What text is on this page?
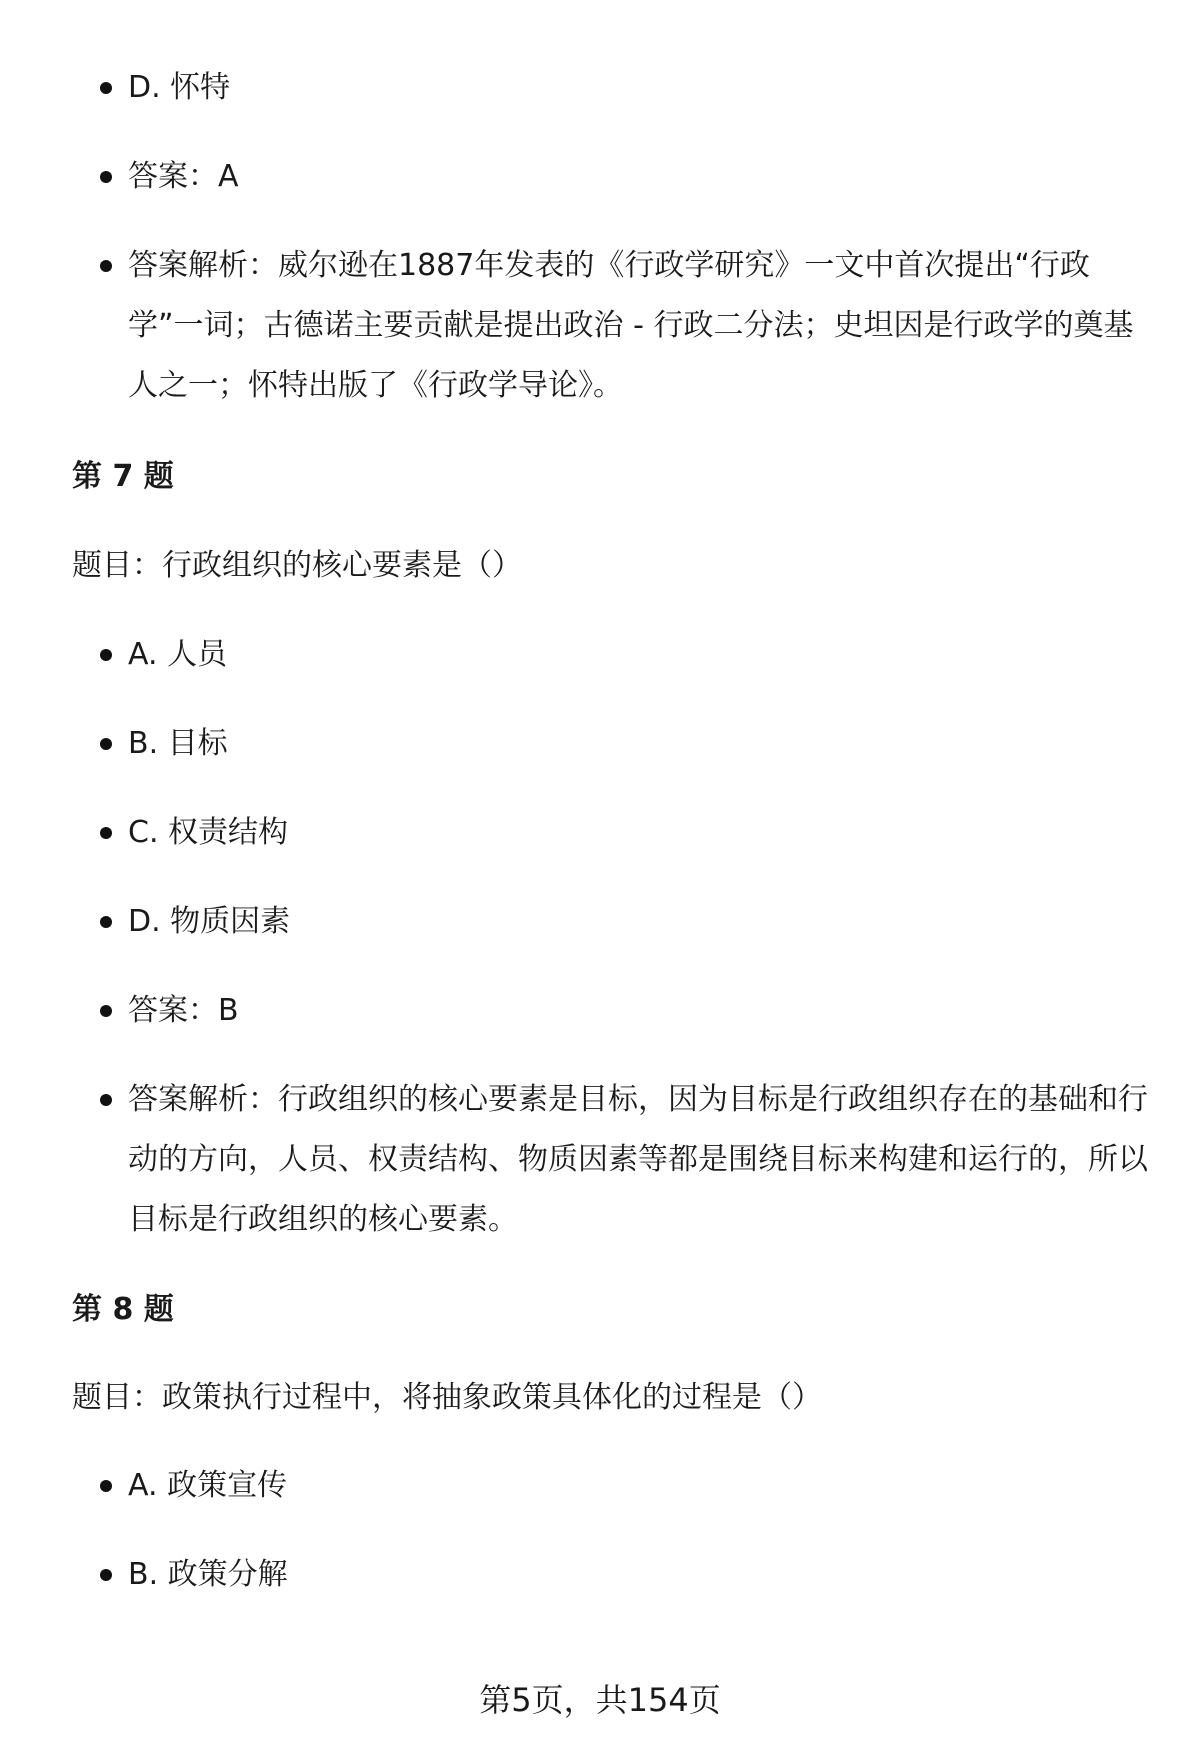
D. 怀特
答案：A
答案解析：威尔逊在1887年发表的《行政学研究》一文中首次提出“行政学”一词；古德诺主要贡献是提出政治 - 行政二分法；史坦因是行政学的奠基人之一；怀特出版了《行政学导论》。
第 7 题
题目：行政组织的核心要素是（）
A. 人员
B. 目标
C. 权责结构
D. 物质因素
答案：B
答案解析：行政组织的核心要素是目标，因为目标是行政组织存在的基础和行动的方向，人员、权责结构、物质因素等都是围绕目标来构建和运行的，所以目标是行政组织的核心要素。
第 8 题
题目：政策执行过程中，将抽象政策具体化的过程是（）
A. 政策宣传
B. 政策分解
第5页，共154页
